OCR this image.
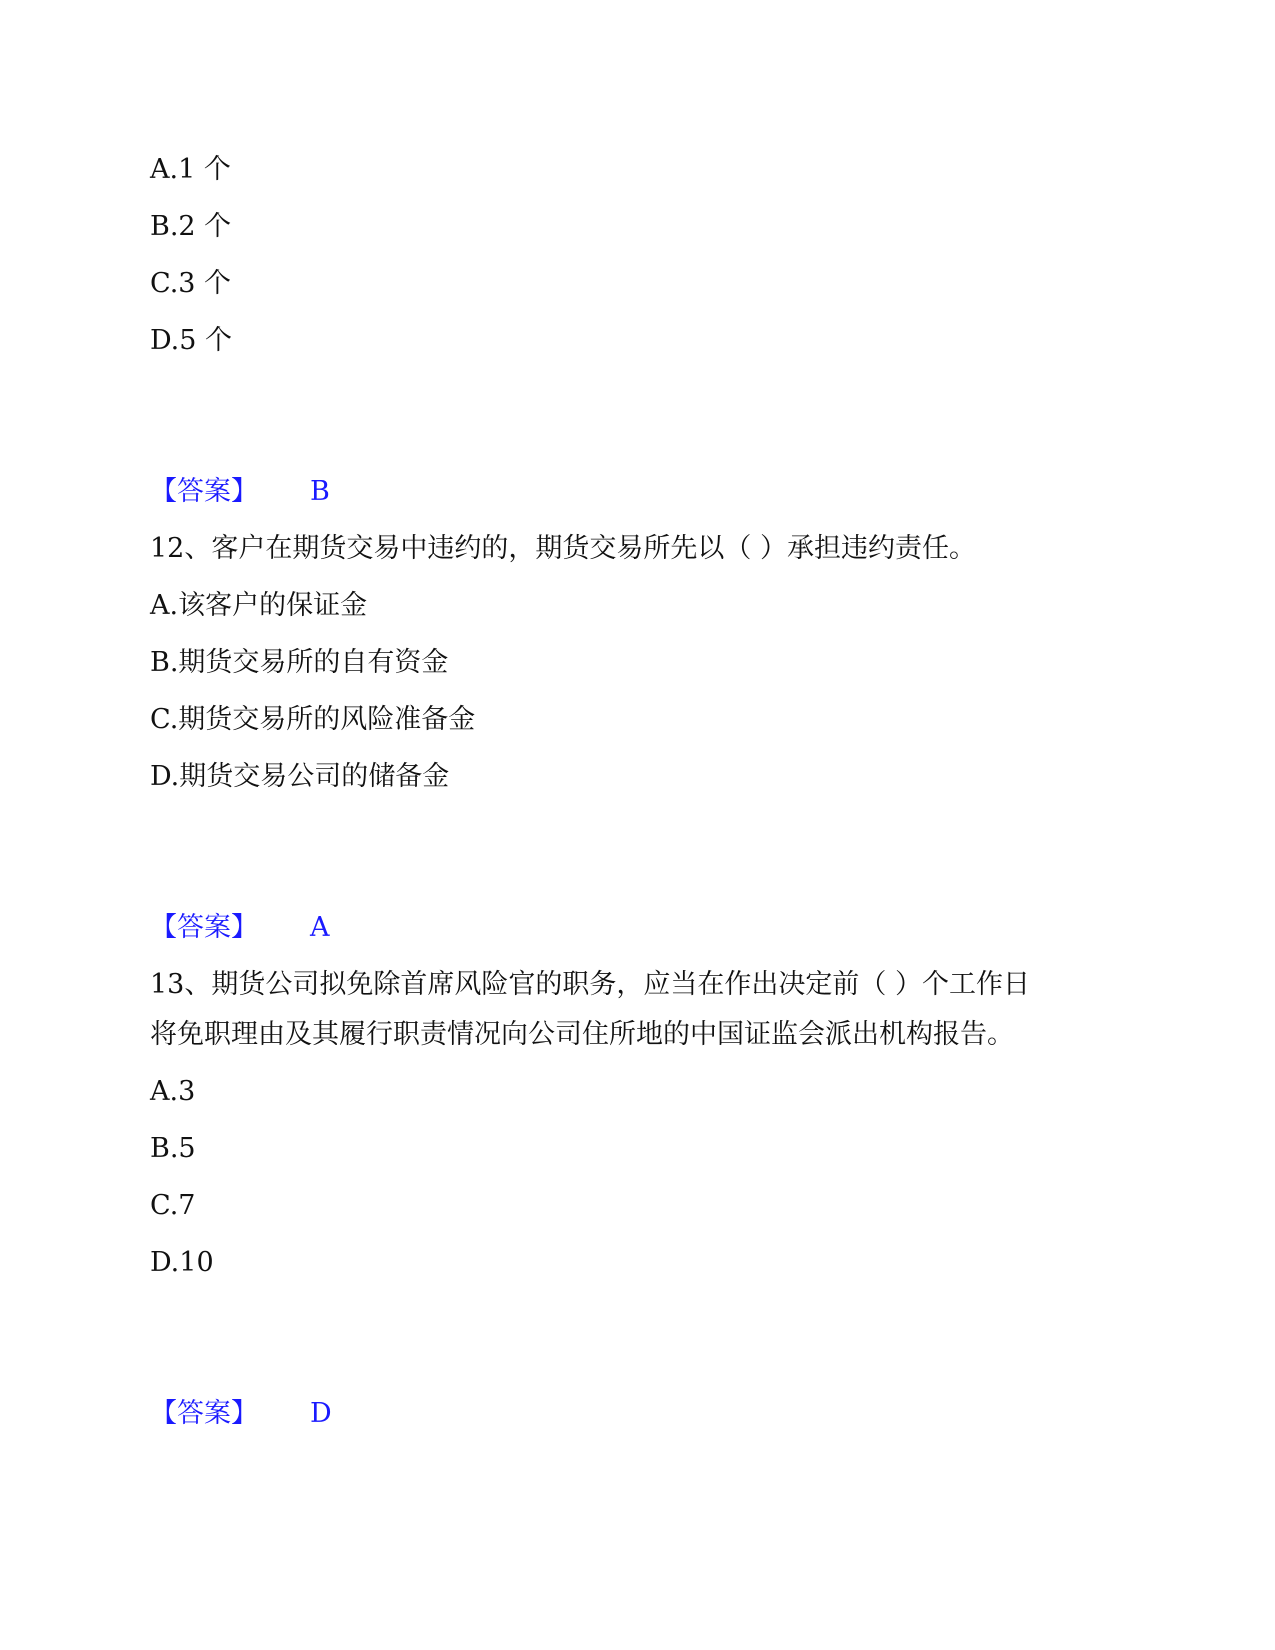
A.1 个
B.2 个
C.3 个
D.5 个
【答案】 B
12、客户在期货交易中违约的，期货交易所先以（ ）承担违约责任。
A.该客户的保证金
B.期货交易所的自有资金
C.期货交易所的风险准备金
D.期货交易公司的储备金
【答案】 A
13、期货公司拟免除首席风险官的职务，应当在作出决定前（ ）个工作日
将免职理由及其履行职责情况向公司住所地的中国证监会派出机构报告。
A.3
B.5
C.7
D.10
【答案】 D
